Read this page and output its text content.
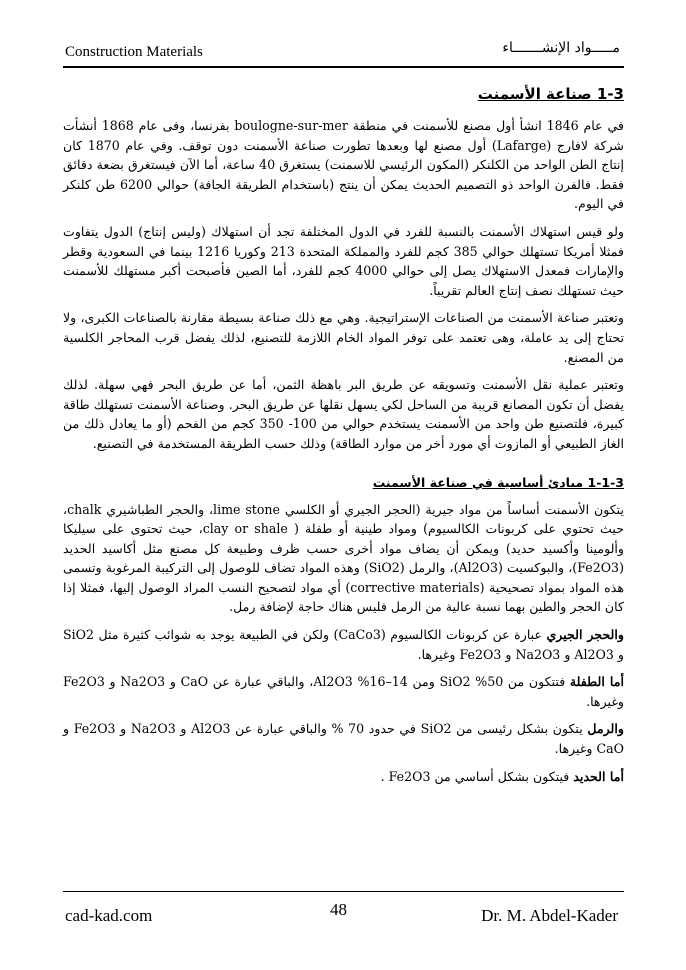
Construction Materials	مـــــواد الإنشـــــــاء
1-3 صناعة الأسمنت

في عام 1846 انشأ أول مصنع للأسمنت في منطقة boulogne-sur-mer بفرنسا، وفى عام 1868 أنشأت شركة لافارج (Lafarge) أول مصنع لها وبعدها تطورت صناعة الأسمنت دون توقف. وفي عام 1870 كان إنتاج الطن الواحد من الكلنكر (المكون الرئيسي للاسمنت) يستغرق 40 ساعة، أما الآن فيستغرق بضعة دقائق فقط. فالفرن الواحد ذو التصميم الحديث يمكن أن ينتج (باستخدام الطريقة الجافة) حوالي 6200 طن كلنكر في اليوم.

ولو قيس استهلاك الأسمنت بالنسبة للفرد في الدول المختلفة تجد أن استهلاك (وليس إنتاج) الدول يتفاوت فمثلا أمريكا تستهلك حوالي 385 كجم للفرد والمملكة المتحدة 213 وكوريا 1216 بينما في السعودية وقطر والإمارات فمعدل الاستهلاك يصل إلى حوالي 4000 كجم للفرد، أما الصين فأصبحت أكبر مستهلك للأسمنت حيث تستهلك نصف إنتاج العالم تقريباً.

وتعتبر صناعة الأسمنت من الصناعات الإستراتيجية. وهي مع ذلك صناعة بسيطة مقارنة بالصناعات الكبرى، ولا تحتاج إلى يد عاملة، وهى تعتمد على توفر المواد الخام اللازمة للتصنيع، لذلك يفضل قرب المحاجر الكلسية من المصنع.

وتعتبر عملية نقل الأسمنت وتسويقه عن طريق البر باهظة الثمن، أما عن طريق البحر فهي سهلة. لذلك يفضل أن تكون المصانع قريبة من الساحل لكي يسهل نقلها عن طريق البحر. وصناعة الأسمنت تستهلك طاقة كبيرة، فلتصنيع طن واحد من الأسمنت يستخدم حوالي من 100- 350 كجم من الفحم (أو ما يعادل ذلك من الغاز الطبيعي أو المازوت أي مورد أخر من موارد الطاقة) وذلك حسب الطريقة المستخدمة في التصنيع.

1-1-3 مبادئ أساسية في صناعة الأسمنت

يتكون الأسمنت أساساً من مواد جيرية (الحجر الجيري أو الكلسي lime stone، والحجر الطباشيري chalk، حيث تحتوي على كربونات الكالسيوم) ومواد طينية أو طفلة ( clay or shale، حيث تحتوى على سيليكا وألومينا وأكسيد حديد) ويمكن أن يضاف مواد أخرى حسب ظرف وطبيعة كل مصنع مثل أكاسيد الحديد (Fe2O3)، والبوكسيت (Al2O3)، والرمل (SiO2) وهذه المواد تضاف للوصول إلى التركيبة المرغوبة وتسمى هذه المواد بمواد تصحيحية (corrective materials) أي مواد لتصحيح النسب المراد الوصول إليها، فمثلا إذا كان الحجر والطين بهما نسبة عالية من الرمل فليس هناك حاجة لإضافة رمل.

والحجر الجيري عبارة عن كربونات الكالسيوم (CaCo3) ولكن في الطبيعة يوجد به شوائب كثيرة مثل SiO2 و Al2O3 و Na2O3 و Fe2O3 وغيرها.

أما الطفلة فتتكون من 50% SiO2 ومن 14–16% Al2O3، والباقي عبارة عن CaO و Na2O3 و Fe2O3 وغيرها.

والرمل يتكون بشكل رئيسى من SiO2 في حدود 70 % والباقي عبارة عن Al2O3 و Na2O3 و Fe2O3 و CaO وغيرها.

أما الحديد فيتكون بشكل أساسي من Fe2O3 .

cad-kad.com	48	Dr. M. Abdel-Kader
